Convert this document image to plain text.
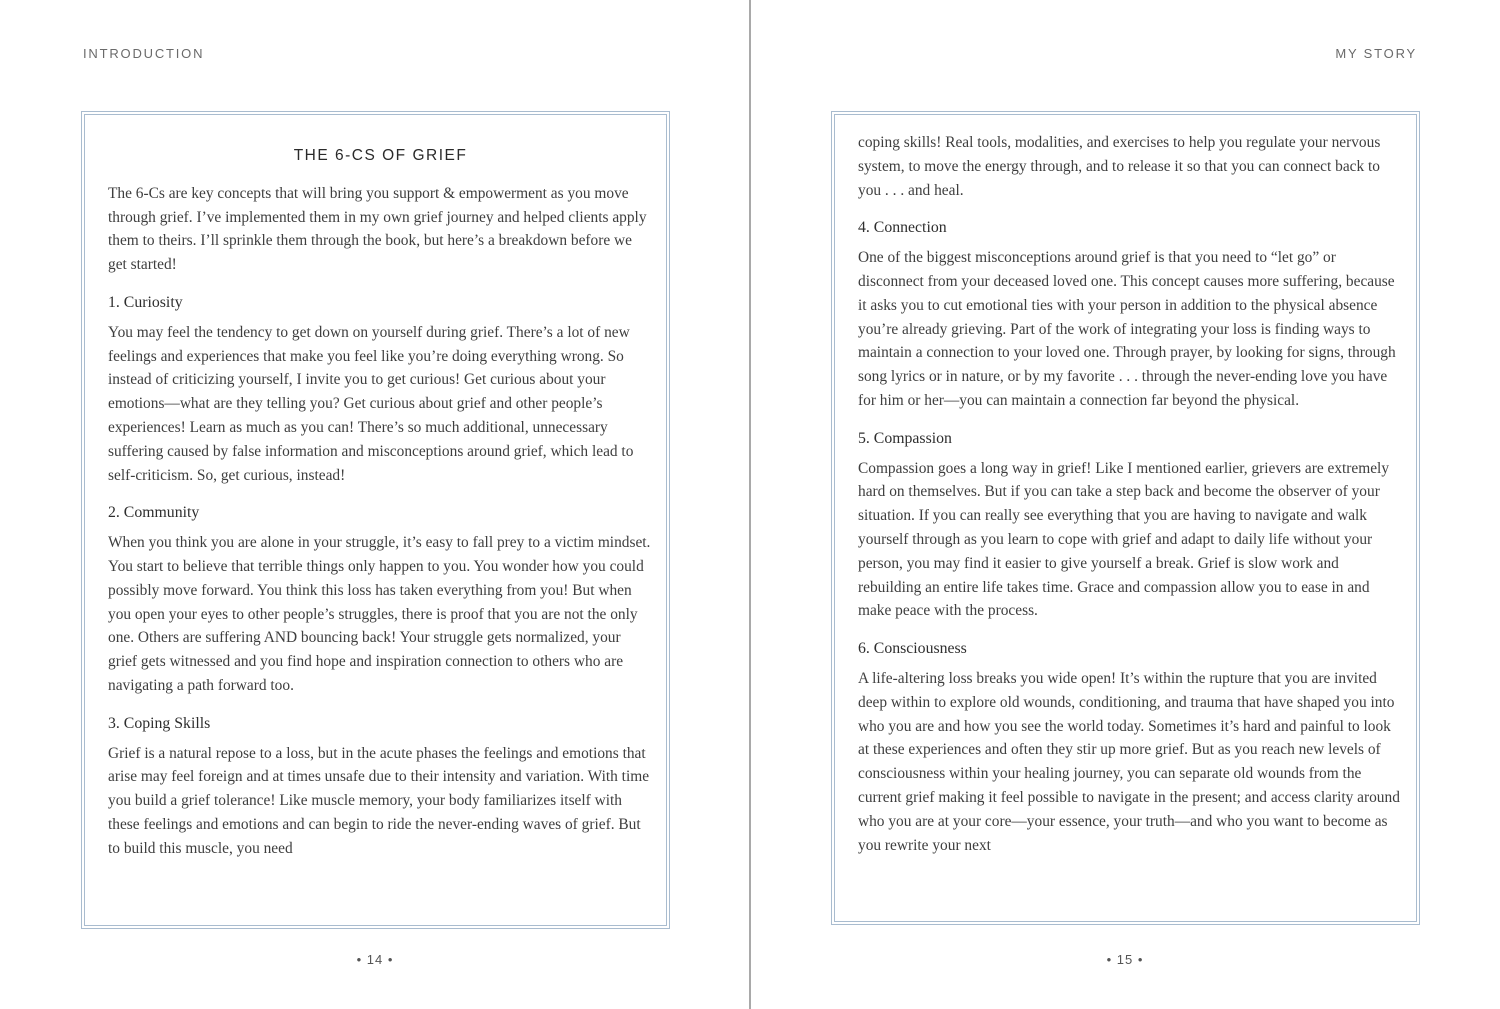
INTRODUCTION
THE 6-CS OF GRIEF

The 6-Cs are key concepts that will bring you support & empowerment as you move through grief. I’ve implemented them in my own grief journey and helped clients apply them to theirs. I’ll sprinkle them through the book, but here’s a breakdown before we get started!

1. Curiosity

You may feel the tendency to get down on yourself during grief. There’s a lot of new feelings and experiences that make you feel like you’re doing everything wrong. So instead of criticizing yourself, I invite you to get curious! Get curious about your emotions—what are they telling you? Get curious about grief and other people’s experiences! Learn as much as you can! There’s so much additional, unnecessary suffering caused by false information and misconceptions around grief, which lead to self-criticism. So, get curious, instead!

2. Community

When you think you are alone in your struggle, it’s easy to fall prey to a victim mindset. You start to believe that terrible things only happen to you. You wonder how you could possibly move forward. You think this loss has taken everything from you! But when you open your eyes to other people’s struggles, there is proof that you are not the only one. Others are suffering AND bouncing back! Your struggle gets normalized, your grief gets witnessed and you find hope and inspiration connection to others who are navigating a path forward too.

3. Coping Skills

Grief is a natural repose to a loss, but in the acute phases the feelings and emotions that arise may feel foreign and at times unsafe due to their intensity and variation. With time you build a grief tolerance! Like muscle memory, your body familiarizes itself with these feelings and emotions and can begin to ride the never-ending waves of grief. But to build this muscle, you need

• 14 •
MY STORY

coping skills! Real tools, modalities, and exercises to help you regulate your nervous system, to move the energy through, and to release it so that you can connect back to you . . . and heal.

4. Connection

One of the biggest misconceptions around grief is that you need to “let go” or disconnect from your deceased loved one. This concept causes more suffering, because it asks you to cut emotional ties with your person in addition to the physical absence you’re already grieving. Part of the work of integrating your loss is finding ways to maintain a connection to your loved one. Through prayer, by looking for signs, through song lyrics or in nature, or by my favorite . . . through the never-ending love you have for him or her—you can maintain a connection far beyond the physical.

5. Compassion

Compassion goes a long way in grief! Like I mentioned earlier, grievers are extremely hard on themselves. But if you can take a step back and become the observer of your situation. If you can really see everything that you are having to navigate and walk yourself through as you learn to cope with grief and adapt to daily life without your person, you may find it easier to give yourself a break. Grief is slow work and rebuilding an entire life takes time. Grace and compassion allow you to ease in and make peace with the process.

6. Consciousness

A life-altering loss breaks you wide open! It’s within the rupture that you are invited deep within to explore old wounds, conditioning, and trauma that have shaped you into who you are and how you see the world today. Sometimes it’s hard and painful to look at these experiences and often they stir up more grief. But as you reach new levels of consciousness within your healing journey, you can separate old wounds from the current grief making it feel possible to navigate in the present; and access clarity around who you are at your core—your essence, your truth—and who you want to become as you rewrite your next

• 15 •
